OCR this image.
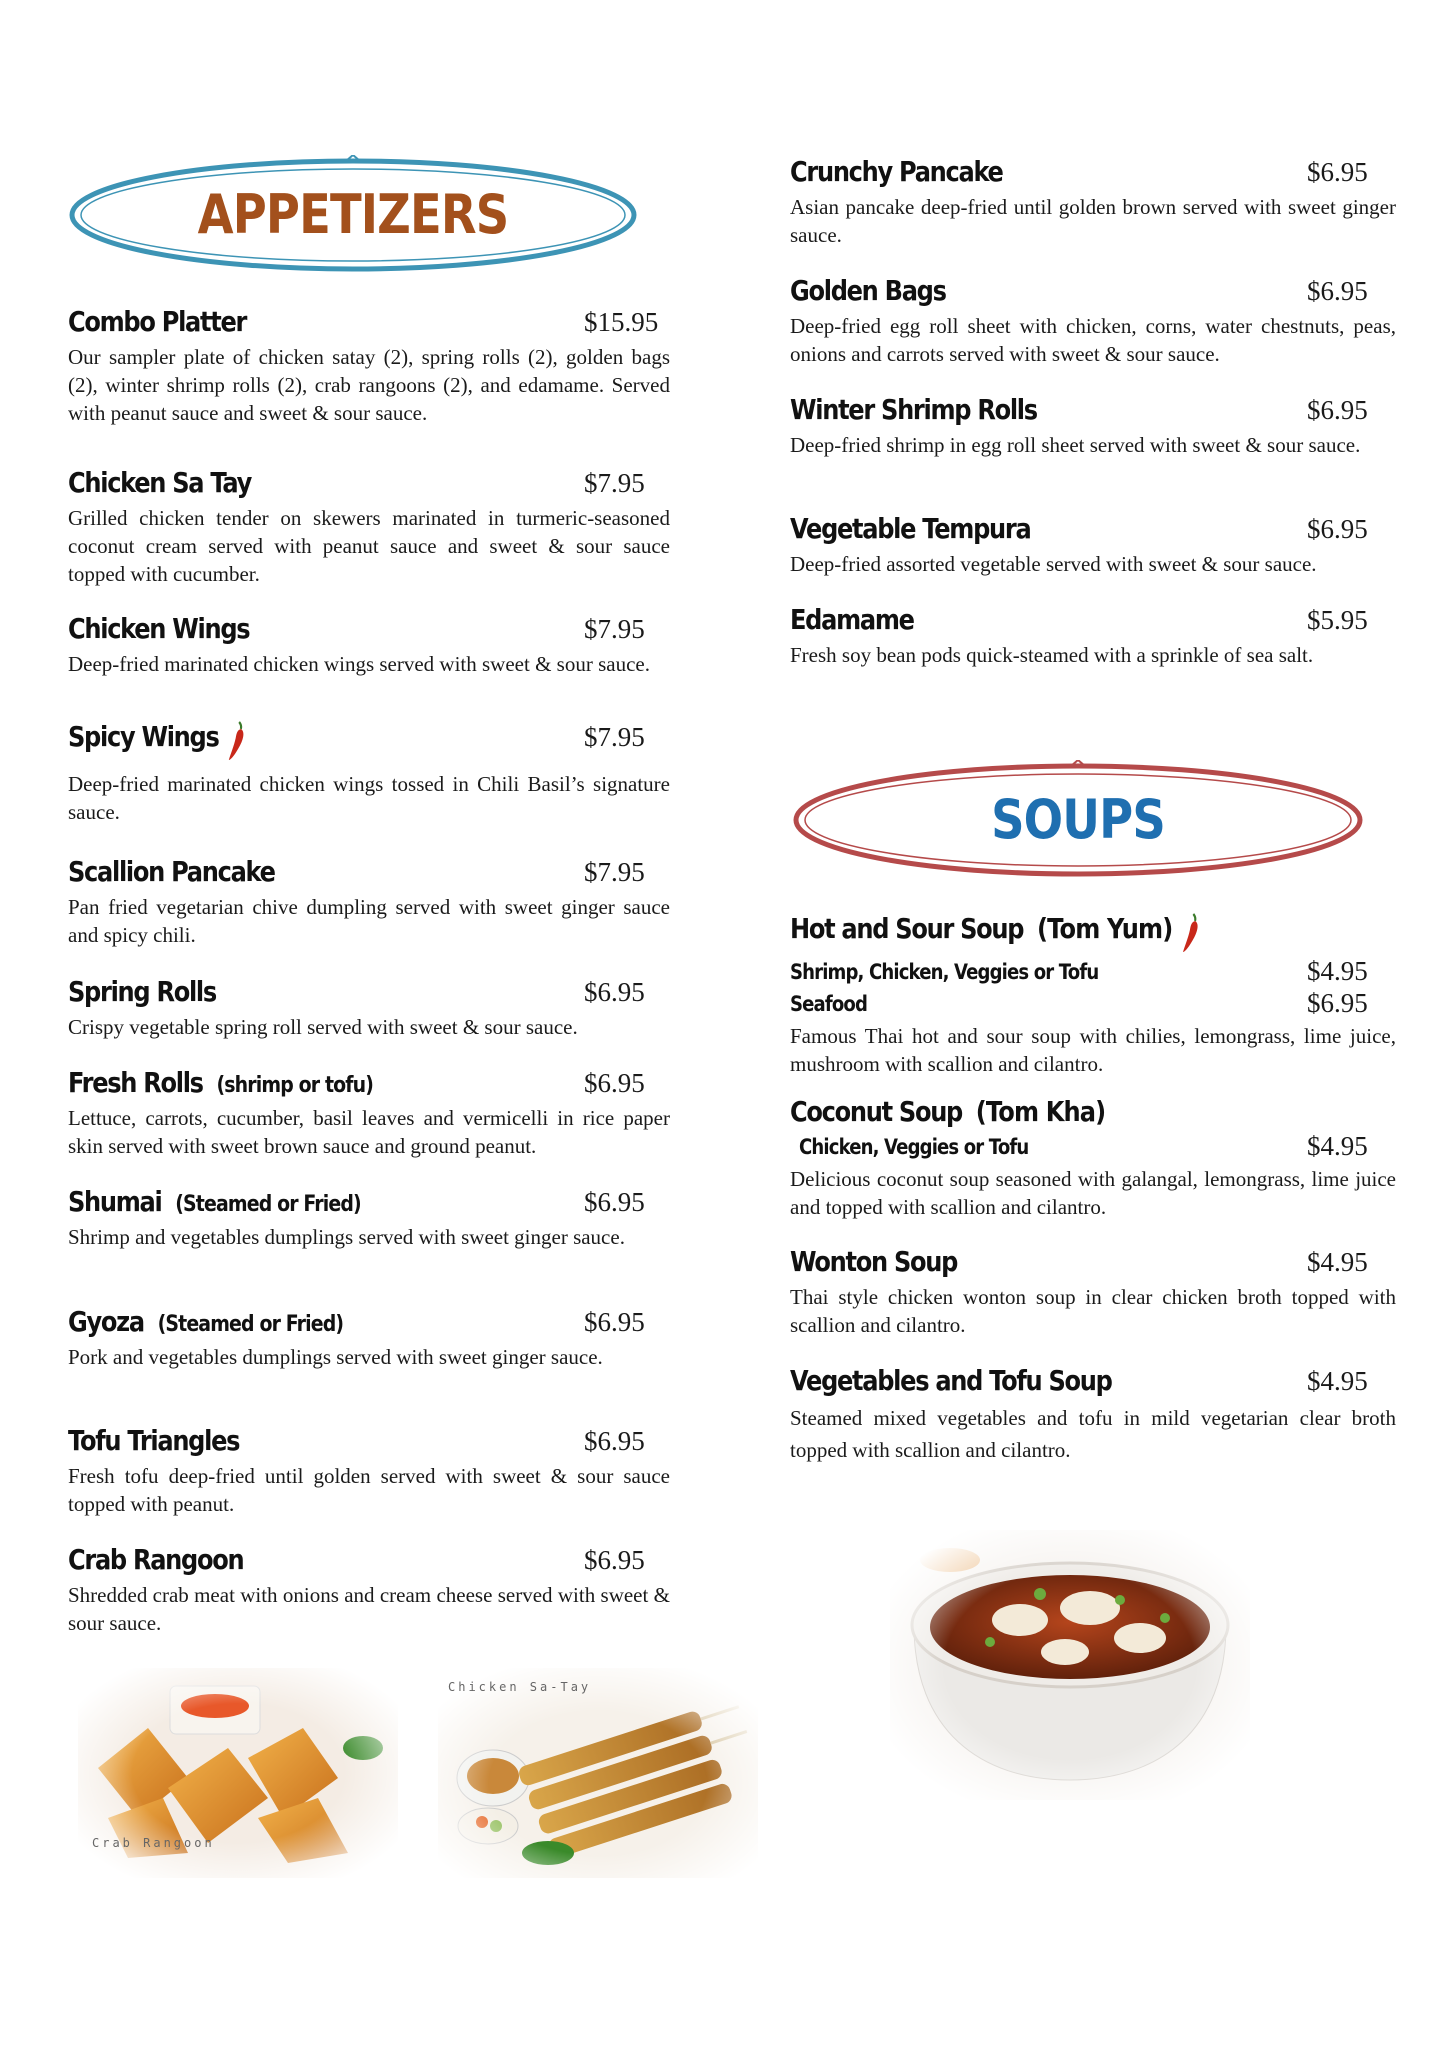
APPETIZERS
Combo Platter	$15.95

Our sampler plate of chicken satay (2), spring rolls (2), golden bags (2), winter shrimp rolls (2), crab rangoons (2), and edamame. Served with peanut sauce and sweet & sour sauce.

Chicken Sa Tay	$7.95

Grilled chicken tender on skewers marinated in turmeric-seasoned coconut cream served with peanut sauce and sweet & sour sauce topped with cucumber.

Chicken Wings	$7.95

Deep-fried marinated chicken wings served with sweet & sour sauce.

Spicy Wings	$7.95

Deep-fried marinated chicken wings tossed in Chili Basil’s signature sauce.

Scallion Pancake	$7.95

Pan fried vegetarian chive dumpling served with sweet ginger sauce and spicy chili.

Spring Rolls	$6.95

Crispy vegetable spring roll served with sweet & sour sauce.

Fresh Rolls (shrimp or tofu)	$6.95

Lettuce, carrots, cucumber, basil leaves and vermicelli in rice paper skin served with sweet brown sauce and ground peanut.

Shumai (Steamed or Fried)	$6.95

Shrimp and vegetables dumplings served with sweet ginger sauce.

Gyoza (Steamed or Fried)	$6.95

Pork and vegetables dumplings served with sweet ginger sauce.

Tofu Triangles	$6.95

Fresh tofu deep-fried until golden served with sweet & sour sauce topped with peanut.

Crab Rangoon	$6.95

Shredded crab meat with onions and cream cheese served with sweet & sour sauce.

Crab Rangoon
Chicken Sa-Tay
Crunchy Pancake	$6.95

Asian pancake deep-fried until golden brown served with sweet ginger sauce.

Golden Bags	$6.95

Deep-fried egg roll sheet with chicken, corns, water chestnuts, peas, onions and carrots served with sweet & sour sauce.

Winter Shrimp Rolls	$6.95

Deep-fried shrimp in egg roll sheet served with sweet & sour sauce.

Vegetable Tempura	$6.95

Deep-fried assorted vegetable served with sweet & sour sauce.

Edamame	$5.95

Fresh soy bean pods quick-steamed with a sprinkle of sea salt.

SOUPS
Hot and Sour Soup (Tom Yum)
Shrimp, Chicken, Veggies or Tofu	$4.95
Seafood	$6.95

Famous Thai hot and sour soup with chilies, lemongrass, lime juice, mushroom with scallion and cilantro.

Coconut Soup (Tom Kha)
Chicken, Veggies or Tofu	$4.95

Delicious coconut soup seasoned with galangal, lemongrass, lime juice and topped with scallion and cilantro.

Wonton Soup	$4.95

Thai style chicken wonton soup in clear chicken broth topped with scallion and cilantro.

Vegetables and Tofu Soup	$4.95

Steamed mixed vegetables and tofu in mild vegetarian clear broth topped with scallion and cilantro.
